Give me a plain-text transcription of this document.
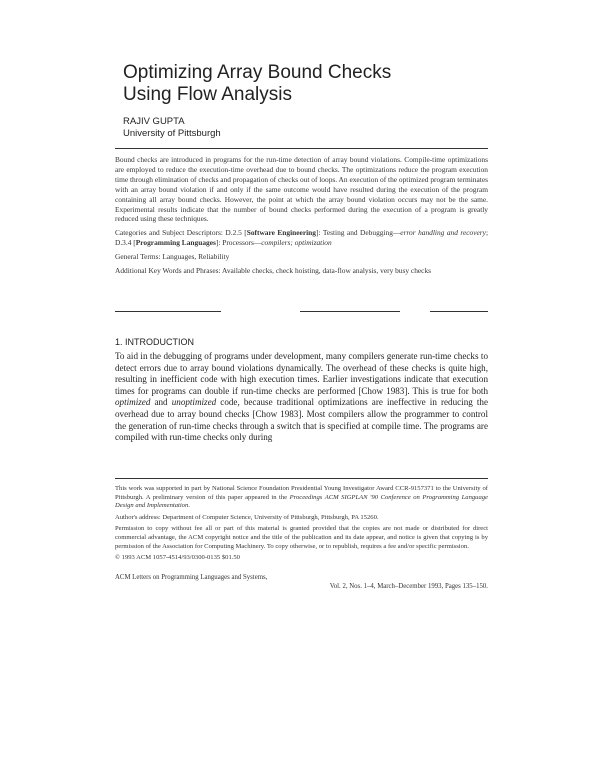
Optimizing Array Bound Checks
Using Flow Analysis
RAJIV GUPTA
University of Pittsburgh

Bound checks are introduced in programs for the run-time detection of array bound violations. Compile-time optimizations are employed to reduce the execution-time overhead due to bound checks. The optimizations reduce the program execution time through elimination of checks and propagation of checks out of loops. An execution of the optimized program terminates with an array bound violation if and only if the same outcome would have resulted during the execution of the program containing all array bound checks. However, the point at which the array bound violation occurs may not be the same. Experimental results indicate that the number of bound checks performed during the execution of a program is greatly reduced using these techniques.

Categories and Subject Descriptors: D.2.5 [Software Engineering]: Testing and Debugging—error handling and recovery; D.3.4 [Programming Languages]: Processors—compilers; optimization

General Terms: Languages, Reliability

Additional Key Words and Phrases: Available checks, check hoisting, data-flow analysis, very busy checks

1. INTRODUCTION

To aid in the debugging of programs under development, many compilers generate run-time checks to detect errors due to array bound violations dynamically. The overhead of these checks is quite high, resulting in inefficient code with high execution times. Earlier investigations indicate that execution times for programs can double if run-time checks are performed [Chow 1983]. This is true for both optimized and unoptimized code, because traditional optimizations are ineffective in reducing the overhead due to array bound checks [Chow 1983]. Most compilers allow the programmer to control the generation of run-time checks through a switch that is specified at compile time. The programs are compiled with run-time checks only during

This work was supported in part by National Science Foundation Presidential Young Investigator Award CCR-9157371 to the University of Pittsburgh. A preliminary version of this paper appeared in the Proceedings ACM SIGPLAN '90 Conference on Programming Language Design and Implementation.

Author's address: Department of Computer Science, University of Pittsburgh, Pittsburgh, PA 15260.

Permission to copy without fee all or part of this material is granted provided that the copies are not made or distributed for direct commercial advantage, the ACM copyright notice and the title of the publication and its date appear, and notice is given that copying is by permission of the Association for Computing Machinery. To copy otherwise, or to republish, requires a fee and/or specific permission.

© 1993 ACM 1057-4514/93/0300-0135 $01.50

ACM Letters on Programming Languages and Systems,
Vol. 2, Nos. 1–4, March–December 1993, Pages 135–150.
